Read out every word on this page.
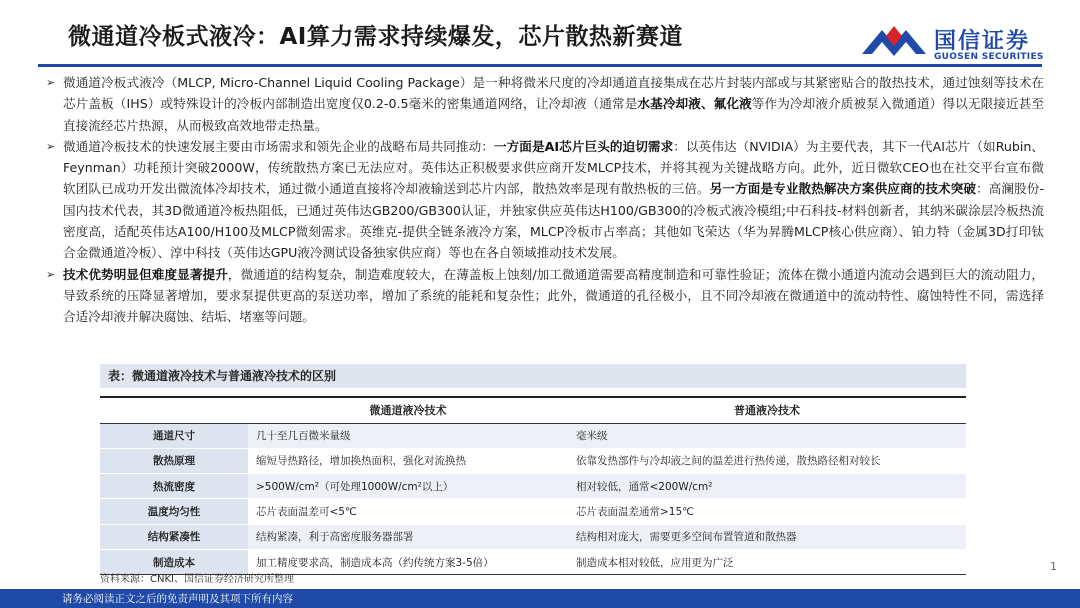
微通道冷板式液冷：AI算力需求持续爆发，芯片散热新赛道	国信证券
GUOSEN SECURITIES
➢ 微通道冷板式液冷（MLCP, Micro-Channel Liquid Cooling Package）是一种将微米尺度的冷却通道直接集成在芯片封装内部或与其紧密贴合的散热技术，通过蚀刻等技术在芯片盖板（IHS）或特殊设计的冷板内部制造出宽度仅0.2-0.5毫米的密集通道网络，让冷却液（通常是水基冷却液、氟化液等作为冷却液介质被泵入微通道）得以无限接近甚至直接流经芯片热源，从而极致高效地带走热量。
➢ 微通道冷板技术的快速发展主要由市场需求和领先企业的战略布局共同推动：一方面是AI芯片巨头的迫切需求：以英伟达（NVIDIA）为主要代表，其下一代AI芯片（如Rubin、Feynman）功耗预计突破2000W，传统散热方案已无法应对。英伟达正积极要求供应商开发MLCP技术，并将其视为关键战略方向。此外，近日微软CEO也在社交平台宣布微软团队已成功开发出微流体冷却技术，通过微小通道直接将冷却液输送到芯片内部，散热效率是现有散热板的三倍。另一方面是专业散热解决方案供应商的技术突破：高澜股份-国内技术代表，其3D微通道冷板热阻低，已通过英伟达GB200/GB300认证，并独家供应英伟达H100/GB300的冷板式液冷模组;中石科技-材料创新者，其纳米碳涂层冷板热流密度高，适配英伟达A100/H100及MLCP微刻需求。英维克-提供全链条液冷方案，MLCP冷板市占率高；其他如飞荣达（华为昇腾MLCP核心供应商）、铂力特（金属3D打印钛合金微通道冷板）、淳中科技（英伟达GPU液冷测试设备独家供应商）等也在各自领域推动技术发展。
➢ 技术优势明显但难度显著提升，微通道的结构复杂，制造难度较大，在薄盖板上蚀刻/加工微通道需要高精度制造和可靠性验证；流体在微小通道内流动会遇到巨大的流动阻力，导致系统的压降显著增加，要求泵提供更高的泵送功率，增加了系统的能耗和复杂性；此外，微通道的孔径极小，且不同冷却液在微通道中的流动特性、腐蚀特性不同，需选择合适冷却液并解决腐蚀、结垢、堵塞等问题。
表：微通道液冷技术与普通液冷技术的区别
	微通道液冷技术	普通液冷技术
通道尺寸	几十至几百微米量级	毫米级
散热原理	缩短导热路径，增加换热面积，强化对流换热	依靠发热部件与冷却液之间的温差进行热传递，散热路径相对较长
热流密度	>500W/cm²（可处理1000W/cm²以上）	相对较低，通常<200W/cm²
温度均匀性	芯片表面温差可<5℃	芯片表面温差通常>15℃
结构紧凑性	结构紧凑，利于高密度服务器部署	结构相对庞大，需要更多空间布置管道和散热器
制造成本	加工精度要求高，制造成本高（约传统方案3-5倍）	制造成本相对较低，应用更为广泛
资料来源：CNKI、国信证券经济研究所整理
1
请务必阅读正文之后的免责声明及其项下所有内容
